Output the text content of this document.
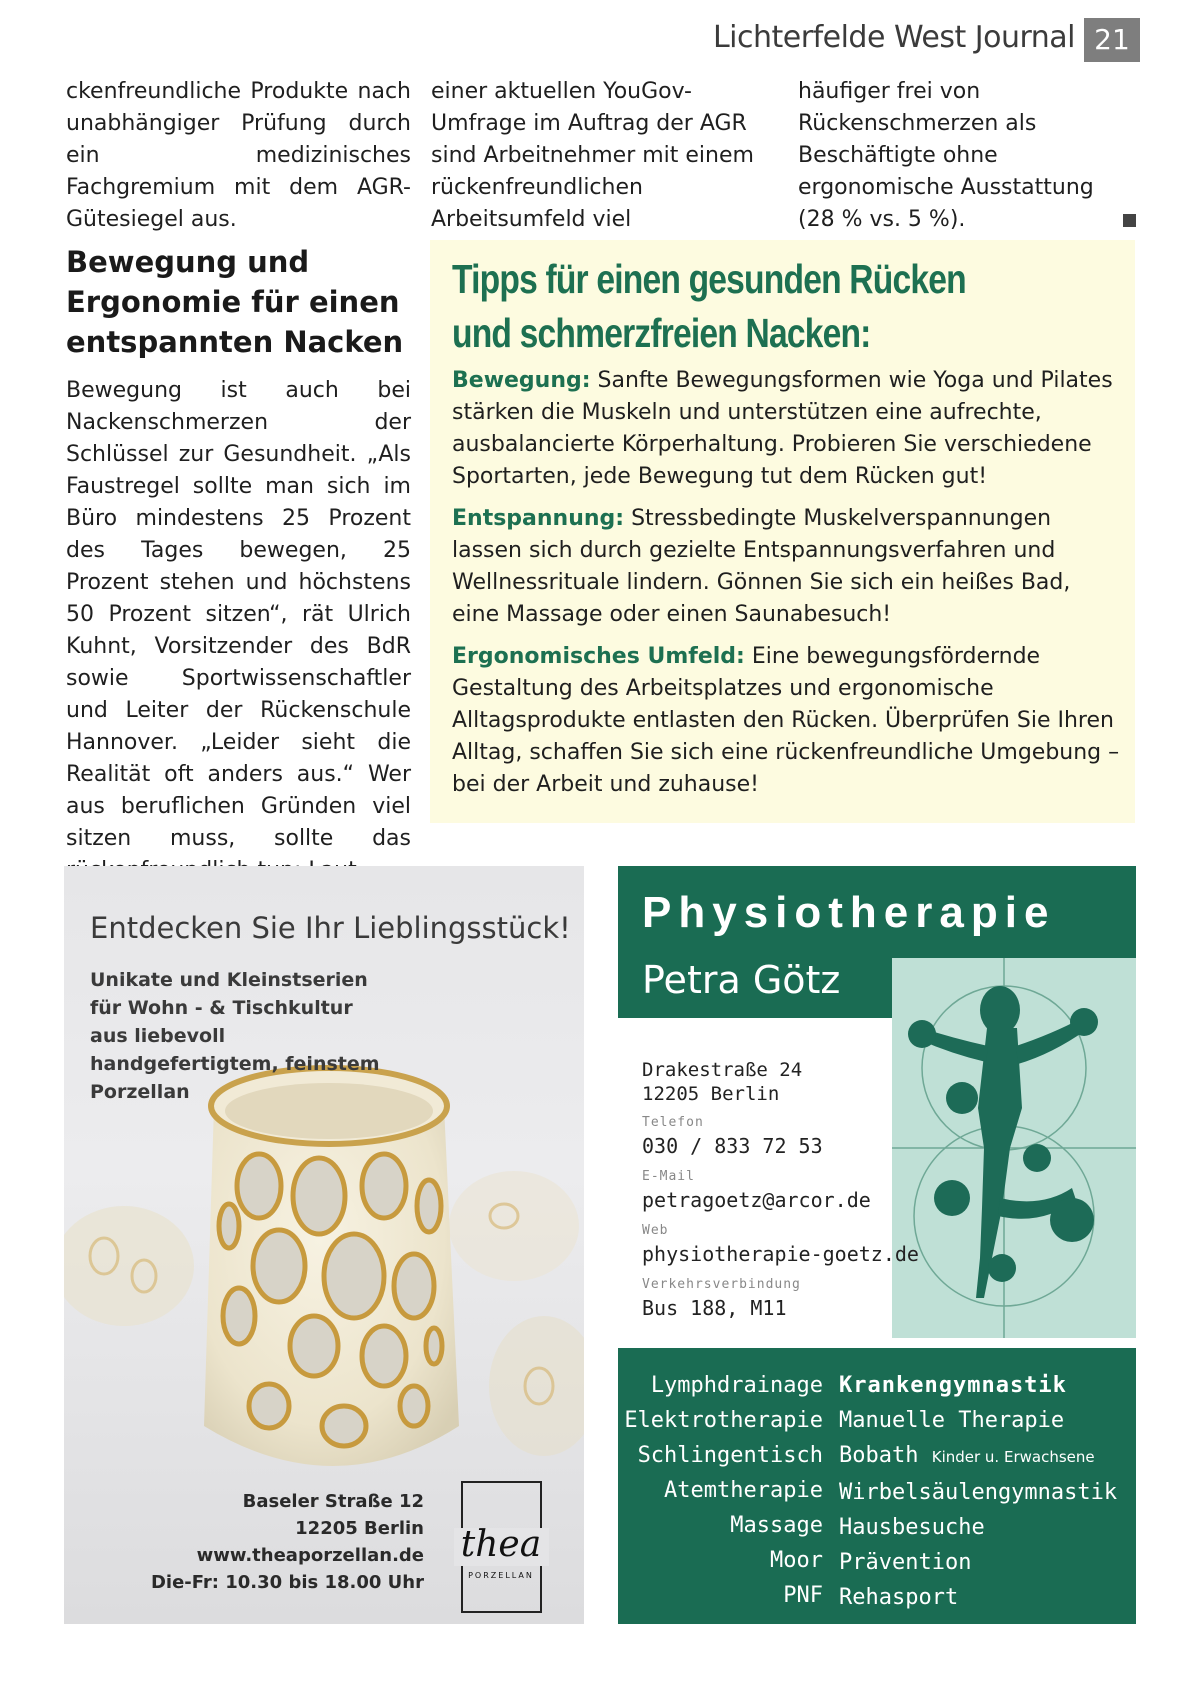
Lichterfelde West Journal 21

ckenfreundliche Produkte nach unabhängiger Prüfung durch ein medizinisches Fachgremium mit dem AGR-Gütesiegel aus.

einer aktuellen YouGov-Umfrage im Auftrag der AGR sind Arbeitnehmer mit einem rückenfreundlichen Arbeitsumfeld viel

häufiger frei von Rückenschmerzen als Beschäftigte ohne ergonomische Ausstattung (28 % vs. 5 %).

Bewegung und Ergonomie für einen entspannten Nacken
Bewegung ist auch bei Nackenschmerzen der Schlüssel zur Gesundheit. „Als Faustregel sollte man sich im Büro mindestens 25 Prozent des Tages bewegen, 25 Prozent stehen und höchstens 50 Prozent sitzen“, rät Ulrich Kuhnt, Vorsitzender des BdR sowie Sportwissenschaftler und Leiter der Rückenschule Hannover. „Leider sieht die Realität oft anders aus.“ Wer aus beruflichen Gründen viel sitzen muss, sollte das
Tipps für einen gesunden Rücken und schmerzfreien Nacken:
Bewegung: Sanfte Bewegungsformen wie Yoga und Pilates stärken die Muskeln und unterstützen eine aufrechte, ausbalancierte Körperhaltung. Probieren Sie verschiedene Sportarten, jede Bewegung tut dem Rücken gut!
Entspannung: Stressbedingte Muskelverspannungen lassen sich durch gezielte Entspannungsverfahren und Wellnessrituale lindern. Gönnen Sie sich ein heißes Bad, eine Massage oder einen Saunabesuch!
Ergonomisches Umfeld: Eine bewegungsfördernde Gestaltung des Arbeitsplatzes und ergonomische Alltagsprodukte entlasten den Rücken. Überprüfen Sie Ihren Alltag, schaffen Sie sich eine rückenfreundliche Umgebung – bei der Arbeit und zuhause!
Entdecken Sie Ihr Lieblingsstück!
Unikate und Kleinstserien für Wohn - & Tischkultur aus liebevoll handgefertigtem, feinstem Porzellan
Baseler Straße 12
12205 Berlin
www.theaporzellan.de
Die-Fr: 10.30 bis 18.00 Uhr
thea
PORZELLAN
Physiotherapie
Petra Götz
Drakestraße 24
12205 Berlin
Telefon
030 / 833 72 53
E-Mail
petragoetz@arcor.de
Web
physiotherapie-goetz.de
Verkehrsverbindung
Bus 188, M11
Lymphdrainage
Elektrotherapie
Schlingentisch
Atemtherapie
Massage
Moor
PNF
Krankengymnastik
Manuelle Therapie
Bobath Kinder u. Erwachsene
Wirbelsäulengymnastik
Hausbesuche
Prävention
Rehasport
